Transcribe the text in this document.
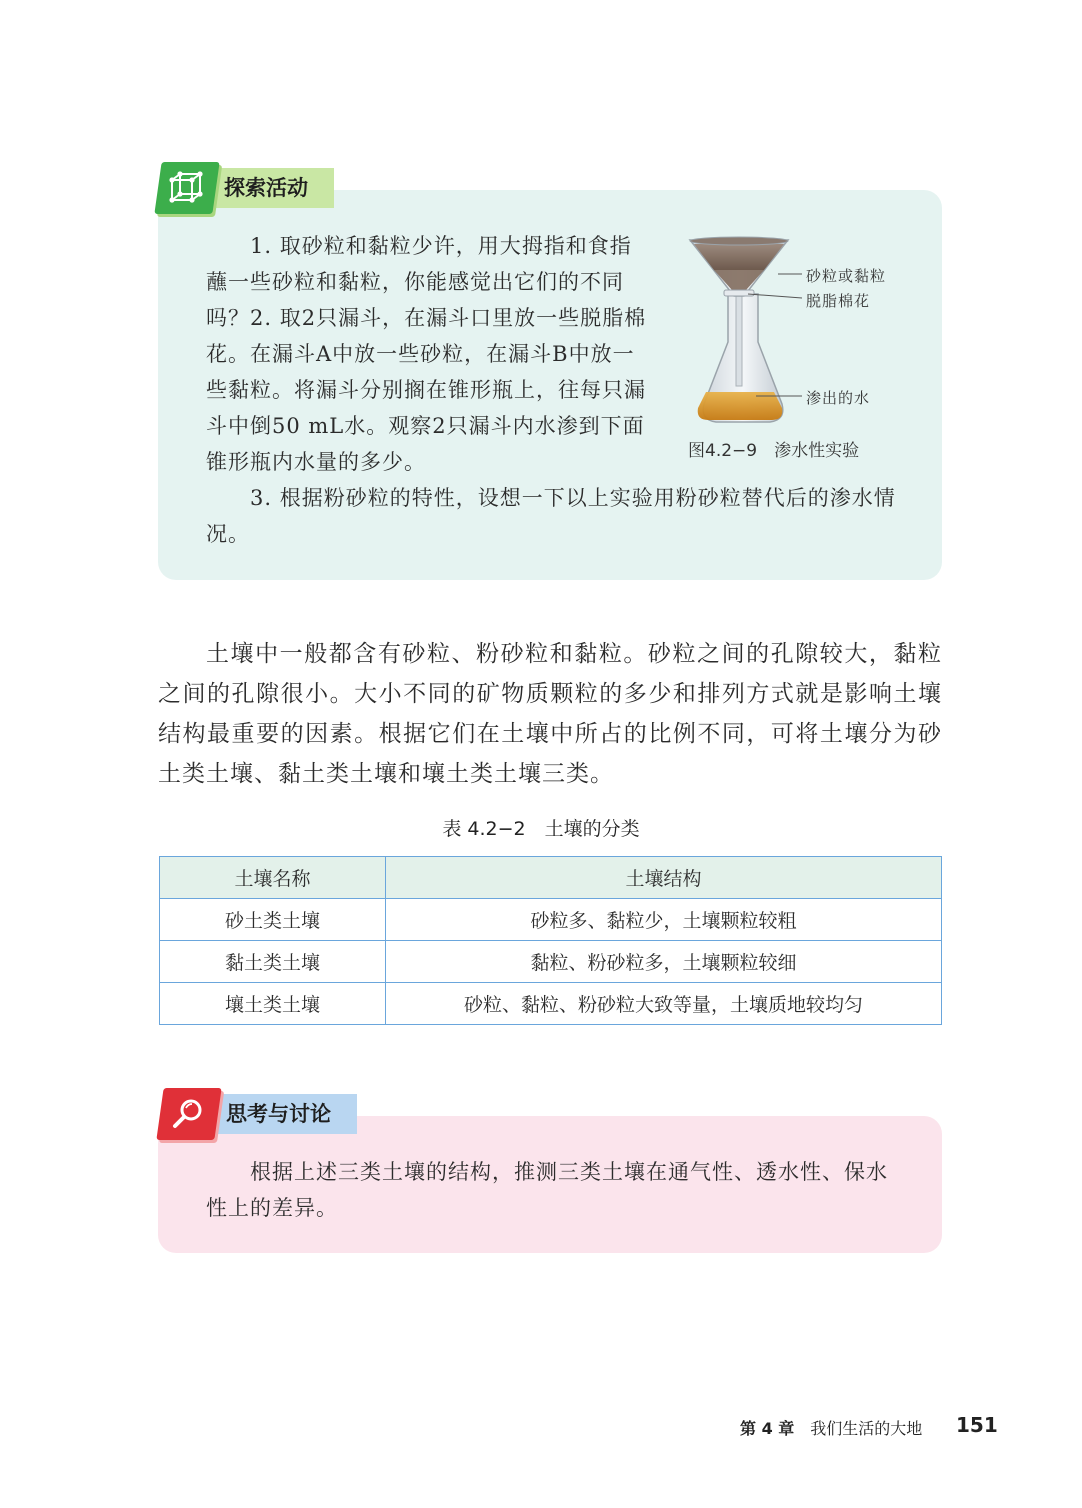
探索活动
1. 取砂粒和黏粒少许，用大拇指和食指蘸一些砂粒和黏粒，你能感觉出它们的不同吗？ 2. 取2只漏斗，在漏斗口里放一些脱脂棉花。在漏斗A中放一些砂粒，在漏斗B中放一些黏粒。将漏斗分别搁在锥形瓶上，往每只漏斗中倒50 mL水。观察2只漏斗内水渗到下面锥形瓶内水量的多少。
3. 根据粉砂粒的特性，设想一下以上实验用粉砂粒替代后的渗水情况。
砂粒或黏粒
脱脂棉花
渗出的水
图4.2−9　渗水性实验
土壤中一般都含有砂粒、粉砂粒和黏粒。砂粒之间的孔隙较大，黏粒之间的孔隙很小。大小不同的矿物质颗粒的多少和排列方式就是影响土壤结构最重要的因素。根据它们在土壤中所占的比例不同，可将土壤分为砂土类土壤、黏土类土壤和壤土类土壤三类。
表 4.2−2　土壤的分类
土壤名称	土壤结构
砂土类土壤	砂粒多、黏粒少，土壤颗粒较粗
黏土类土壤	黏粒、粉砂粒多，土壤颗粒较细
壤土类土壤	砂粒、黏粒、粉砂粒大致等量，土壤质地较均匀
思考与讨论
根据上述三类土壤的结构，推测三类土壤在通气性、透水性、保水性上的差异。
第 4 章 我们生活的大地 151
